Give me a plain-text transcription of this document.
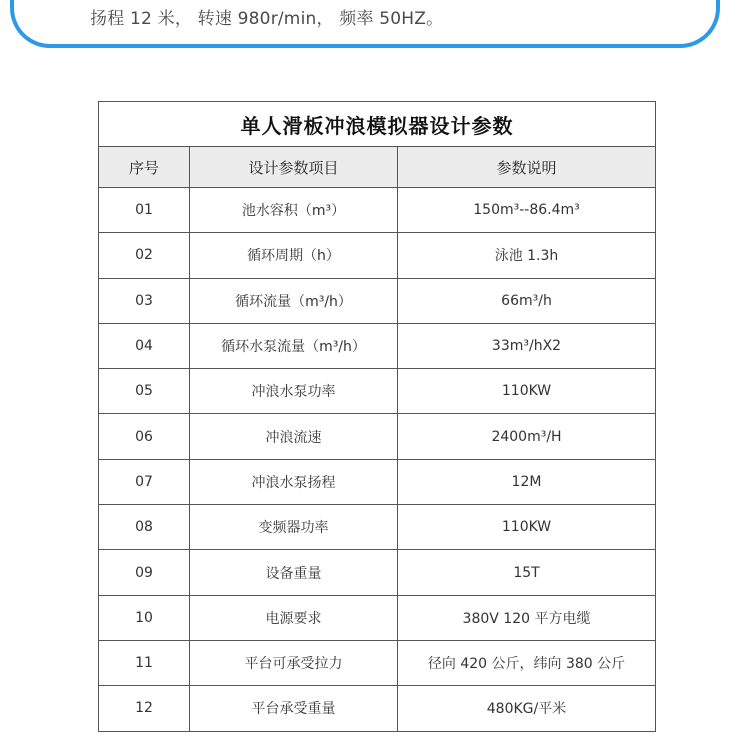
扬程 12 米， 转速 980r/min， 频率 50HZ。
单人滑板冲浪模拟器设计参数		
序号	设计参数项目	参数说明
01	池水容积（m³）	150m³--86.4m³
02	循环周期（h）	泳池 1.3h
03	循环流量（m³/h）	66m³/h
04	循环水泵流量（m³/h）	33m³/hX2
05	冲浪水泵功率	110KW
06	冲浪流速	2400m³/H
07	冲浪水泵扬程	12M
08	变频器功率	110KW
09	设备重量	15T
10	电源要求	380V 120 平方电缆
11	平台可承受拉力	径向 420 公斤，纬向 380 公斤
12	平台承受重量	480KG/平米
